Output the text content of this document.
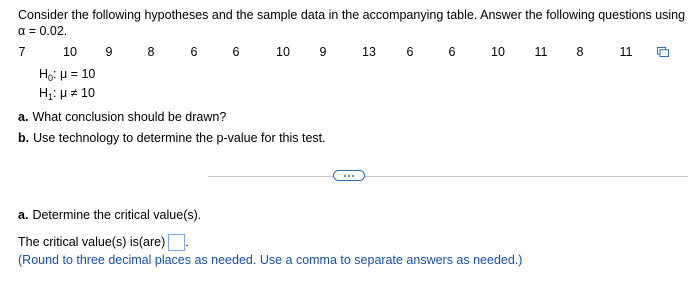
Consider the following hypotheses and the sample data in the accompanying table. Answer the following questions using α = 0.02.
7	10 9	8	6	6	10 9	13 6	6	10 11 8	11
$H_0$: μ = 10
$H_1$: μ ≠ 10
a. What conclusion should be drawn?
b. Use technology to determine the p-value for this test.
a. Determine the critical value(s).
The critical value(s) is(are) .
(Round to three decimal places as needed. Use a comma to separate answers as needed.)
